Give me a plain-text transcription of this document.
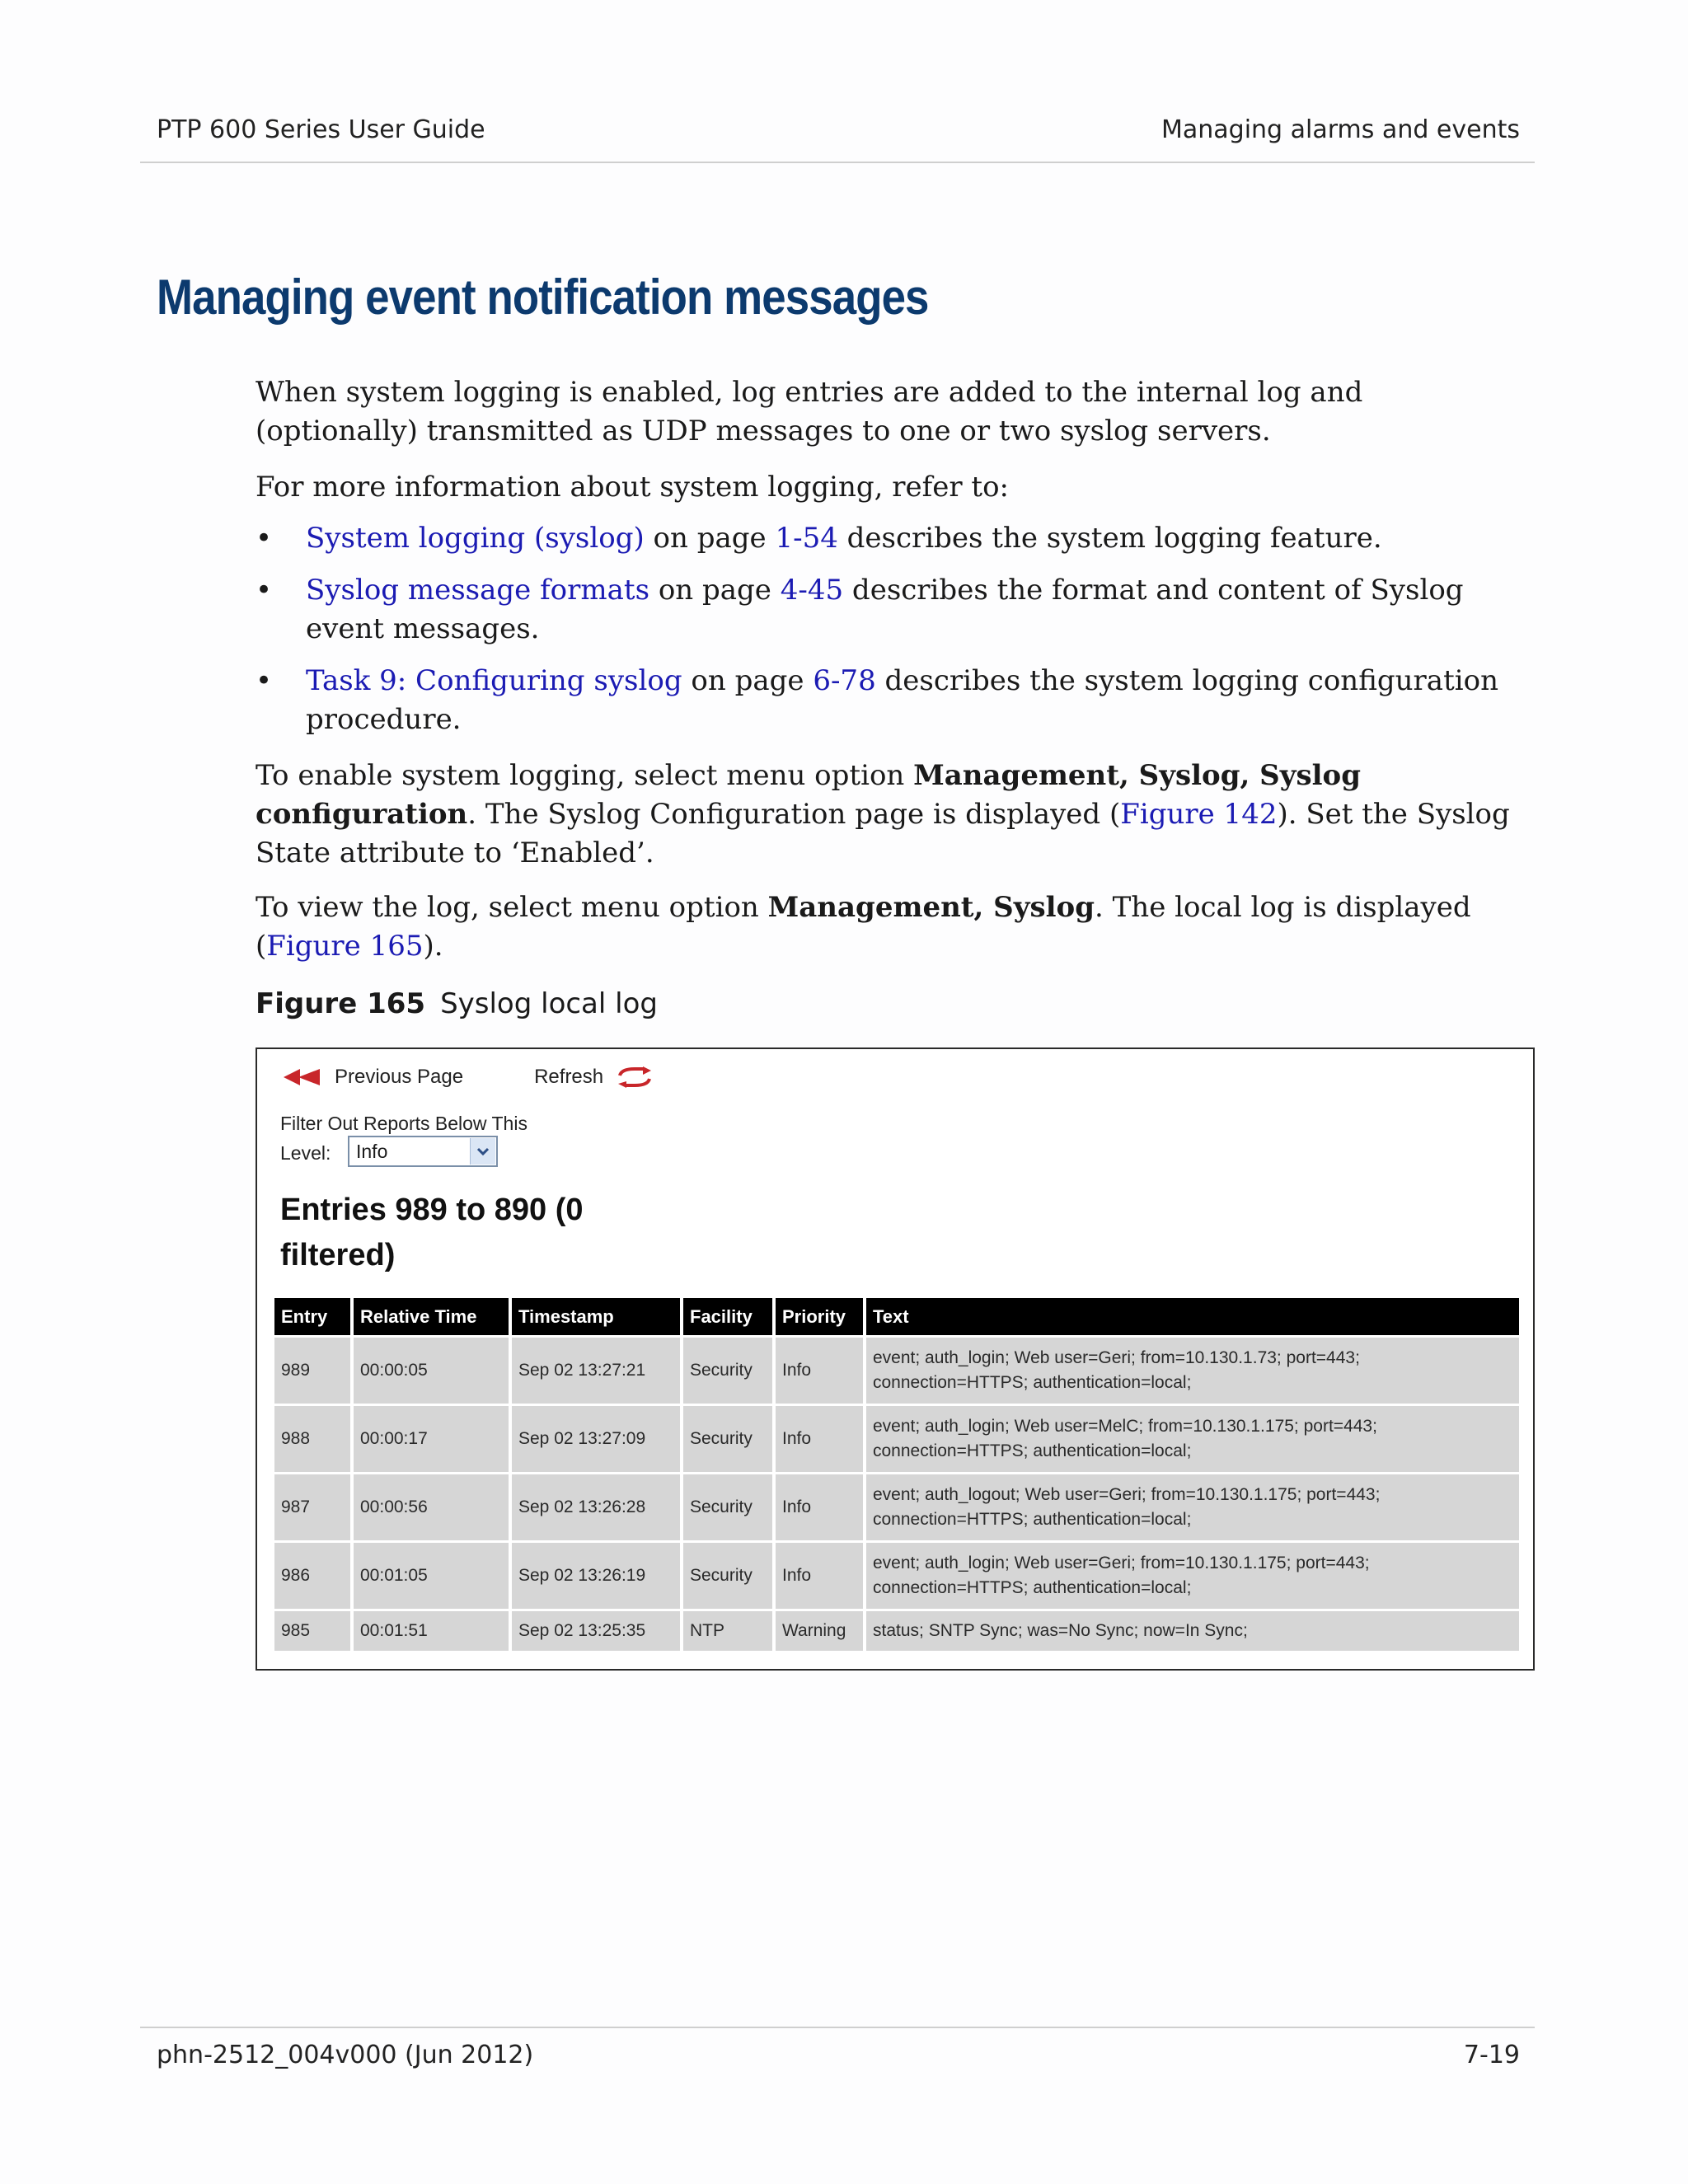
PTP 600 Series User Guide	Managing alarms and events
Managing event notification messages

When system logging is enabled, log entries are added to the internal log and (optionally) transmitted as UDP messages to one or two syslog servers.

For more information about system logging, refer to:

• System logging (syslog) on page 1-54 describes the system logging feature.
• Syslog message formats on page 4-45 describes the format and content of Syslog event messages.
• Task 9: Configuring syslog on page 6-78 describes the system logging configuration procedure.

To enable system logging, select menu option Management, Syslog, Syslog configuration. The Syslog Configuration page is displayed (Figure 142). Set the Syslog State attribute to ‘Enabled’.

To view the log, select menu option Management, Syslog. The local log is displayed (Figure 165).

Figure 165 Syslog local log
Previous Page	Refresh
Filter Out Reports Below This
Level:	Info
Entries 989 to 890 (0 filtered)
Entry	Relative Time	Timestamp	Facility	Priority	Text
989	00:00:05	Sep 02 13:27:21	Security	Info	event; auth_login; Web user=Geri; from=10.130.1.73; port=443; connection=HTTPS; authentication=local;
988	00:00:17	Sep 02 13:27:09	Security	Info	event; auth_login; Web user=MelC; from=10.130.1.175; port=443; connection=HTTPS; authentication=local;
987	00:00:56	Sep 02 13:26:28	Security	Info	event; auth_logout; Web user=Geri; from=10.130.1.175; port=443; connection=HTTPS; authentication=local;
986	00:01:05	Sep 02 13:26:19	Security	Info	event; auth_login; Web user=Geri; from=10.130.1.175; port=443; connection=HTTPS; authentication=local;
985	00:01:51	Sep 02 13:25:35	NTP	Warning	status; SNTP Sync; was=No Sync; now=In Sync;
phn-2512_004v000 (Jun 2012)	7-19
